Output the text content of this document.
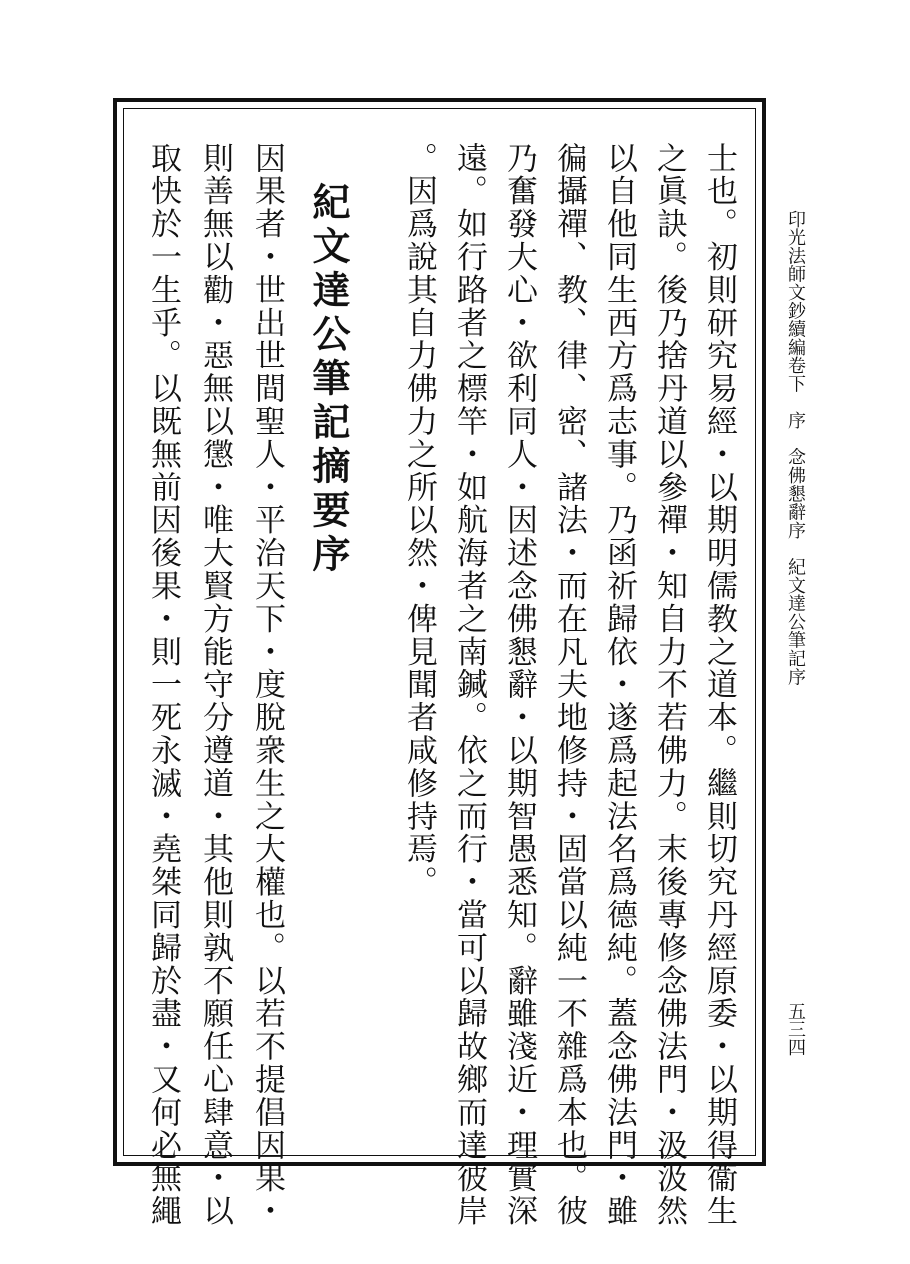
印光法師文鈔續編卷下　序　念佛懇辭序　紀文達公筆記序
五三四
士也。初則研究易經・以期明儒教之道本。繼則切究丹經原委・以期得衞生
之眞訣。後乃捨丹道以參禪・知自力不若佛力。末後專修念佛法門・汲汲然
以自他同生西方爲志事。乃函祈歸依・遂爲起法名爲德純。蓋念佛法門・雖
徧攝禪、教、律、密、諸法・而在凡夫地修持・固當以純一不雜爲本也。彼
乃奮發大心・欲利同人・因述念佛懇辭・以期智愚悉知。辭雖淺近・理實深
遠。如行路者之標竿・如航海者之南鍼。依之而行・當可以歸故鄉而達彼岸
。因爲說其自力佛力之所以然・俾見聞者咸修持焉。
紀文達公筆記摘要序
因果者・世出世間聖人・平治天下・度脫衆生之大權也。以若不提倡因果・
則善無以勸・惡無以懲・唯大賢方能守分遵道・其他則孰不願任心肆意・以
取快於一生乎。以既無前因後果・則一死永滅・堯桀同歸於盡・又何必無繩
